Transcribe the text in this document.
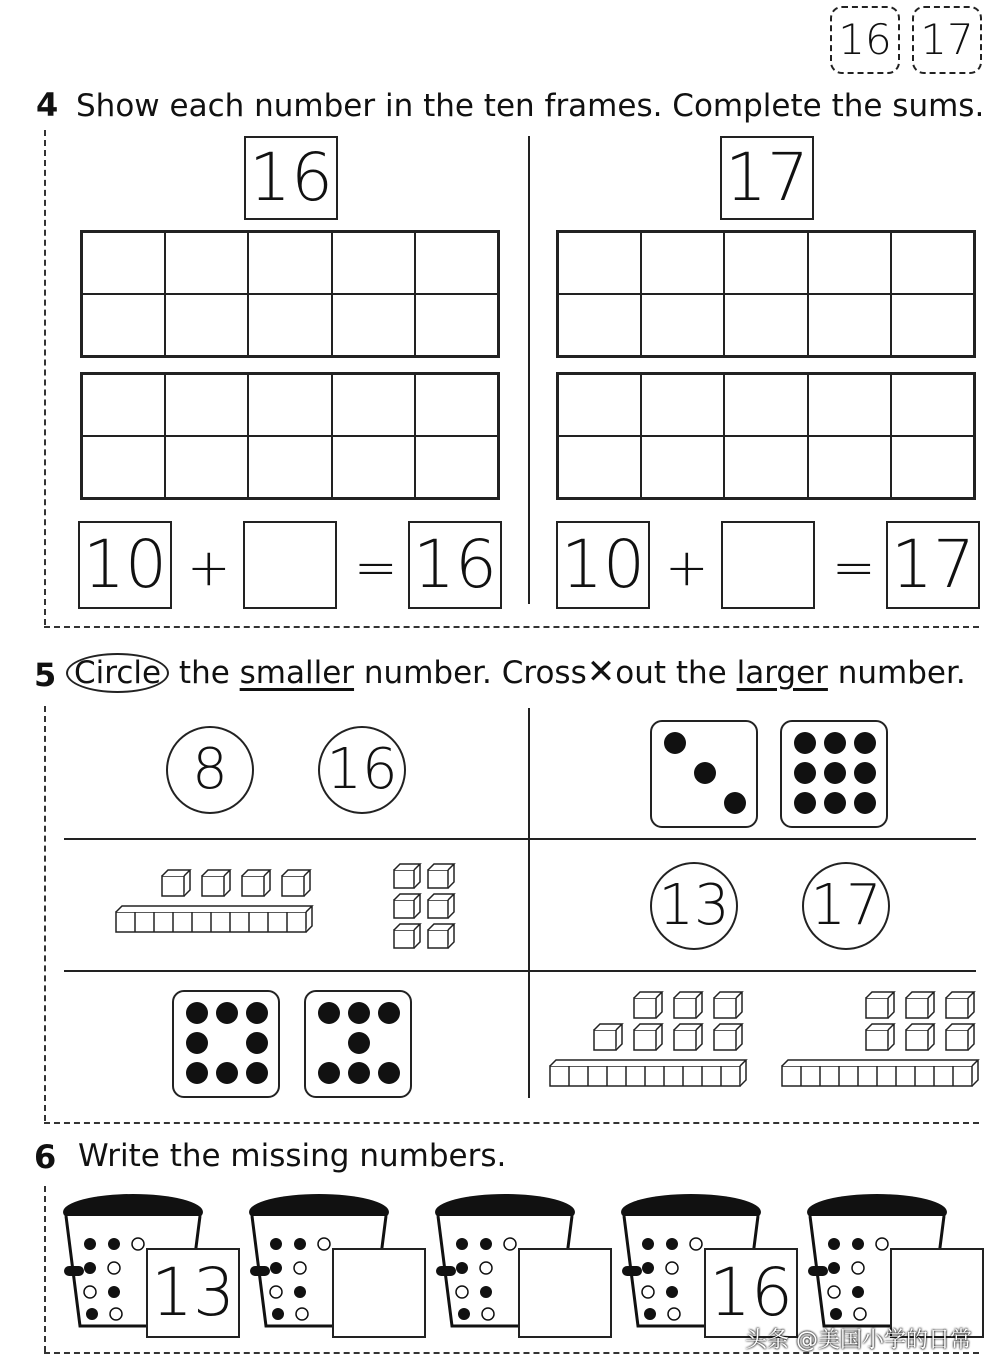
16 17
4 Show each number in the ten frames. Complete the sums.
16
10 + = 16
17
10 + = 17
5 Circle the smaller number. Cross✕out the larger number.
8	16
13 17
6 Write the missing numbers.
13	16
头条 @美国小学的日常
